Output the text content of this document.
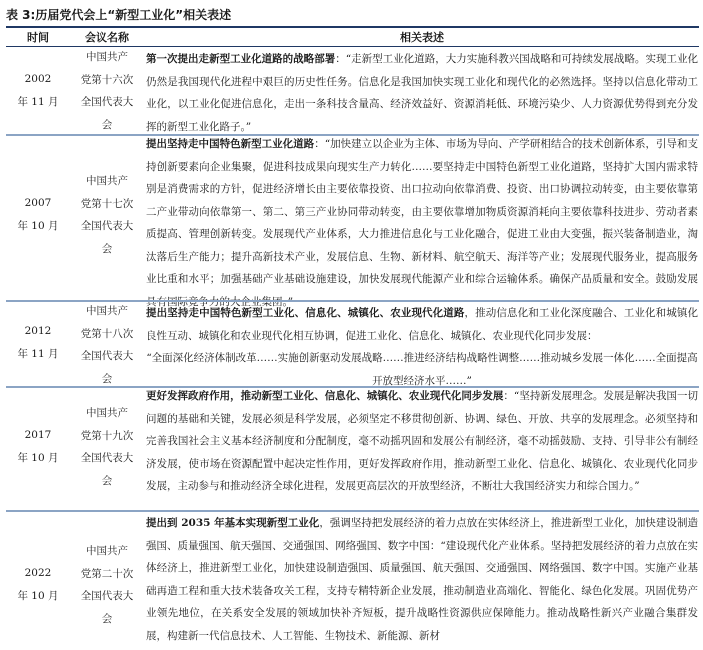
表 3:历届党代会上“新型工业化”相关表述
时间	会议名称	相关表述
2002
年 11 月
中国共产
党第十六次
全国代表大
会
第一次提出走新型工业化道路的战略部署：“走新型工业化道路，大力实施科教兴国战略和可持续发展战略。实现工业化仍然是我国现代化进程中艰巨的历史性任务。信息化是我国加快实现工业化和现代化的必然选择。坚持以信息化带动工业化，以工业化促进信息化，走出一条科技含量高、经济效益好、资源消耗低、环境污染少、人力资源优势得到充分发挥的新型工业化路子。”
2007
年 10 月
中国共产
党第十七次
全国代表大
会
提出坚持走中国特色新型工业化道路：“加快建立以企业为主体、市场为导向、产学研相结合的技术创新体系，引导和支持创新要素向企业集聚，促进科技成果向现实生产力转化……要坚持走中国特色新型工业化道路，坚持扩大国内需求特别是消费需求的方针，促进经济增长由主要依靠投资、出口拉动向依靠消费、投资、出口协调拉动转变，由主要依靠第二产业带动向依靠第一、第二、第三产业协同带动转变，由主要依靠增加物质资源消耗向主要依靠科技进步、劳动者素质提高、管理创新转变。发展现代产业体系，大力推进信息化与工业化融合，促进工业由大变强，振兴装备制造业，淘汰落后生产能力；提升高新技术产业，发展信息、生物、新材料、航空航天、海洋等产业；发展现代服务业，提高服务业比重和水平；加强基础产业基础设施建设，加快发展现代能源产业和综合运输体系。确保产品质量和安全。鼓励发展
2012
年 11 月
中国共产
党第十八次
全国代表大
会
提出坚持走中国特色新型工业化、信息化、城镇化、农业现代化道路，推动信息化和工业化深度融合、工业化和城镇化良性互动、城镇化和农业现代化相互协调，促进工业化、信息化、城镇化、农业现代化同步发展：
“全面深化经济体制改革……实施创新驱动发展战略……推进经济结构战略性调整……推动城乡发展一体化……全面提高开放型经济水平……”
2017
年 10 月
中国共产
党第十九次
全国代表大
会
更好发挥政府作用，推动新型工业化、信息化、城镇化、农业现代化同步发展：“坚持新发展理念。发展是解决我国一切问题的基础和关键，发展必须是科学发展，必须坚定不移贯彻创新、协调、绿色、开放、共享的发展理念。必须坚持和完善我国社会主义基本经济制度和分配制度，毫不动摇巩固和发展公有制经济，毫不动摇鼓励、支持、引导非公有制经济发展，使市场在资源配置中起决定性作用，更好发挥政府作用，推动新型工业化、信息化、城镇化、农业现代化同步发展，主动参与和推动经济全球化进程，发展更高层次的开放型经济，不断壮大我国经济实力和综合国力。”
2022
年 10 月
中国共产
党第二十次
全国代表大
会
提出到 2035 年基本实现新型工业化，强调坚持把发展经济的着力点放在实体经济上，推进新型工业化，加快建设制造强国、质量强国、航天强国、交通强国、网络强国、数字中国：“建设现代化产业体系。坚持把发展经济的着力点放在实体经济上，推进新型工业化，加快建设制造强国、质量强国、航天强国、交通强国、网络强国、数字中国。实施产业基础再造工程和重大技术装备攻关工程，支持专精特新企业发展，推动制造业高端化、智能化、绿色化发展。巩固优势产业领先地位，在关系安全发展的领域加快补齐短板，提升战略性资源供应保障能力。推动战略性新兴产业融合集群发展，构建新一代信息技术、人工智能、生物技术、新能源、新材
